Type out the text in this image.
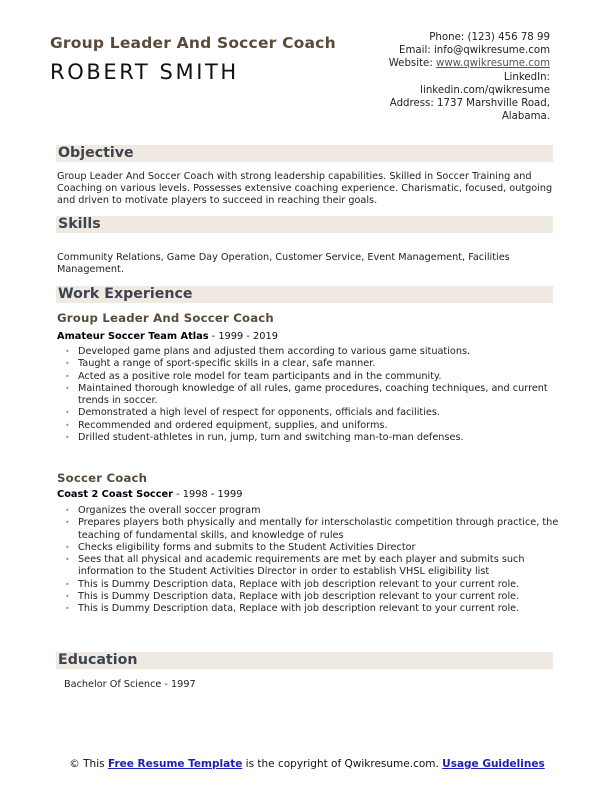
Group Leader And Soccer Coach
ROBERT SMITH
Phone: (123) 456 78 99
Email: info@qwikresume.com
Website: www.qwikresume.com
LinkedIn:
linkedin.com/qwikresume
Address: 1737 Marshville Road,
Alabama.
Objective
Group Leader And Soccer Coach with strong leadership capabilities. Skilled in Soccer Training and Coaching on various levels. Possesses extensive coaching experience. Charismatic, focused, outgoing and driven to motivate players to succeed in reaching their goals.
Skills
Community Relations, Game Day Operation, Customer Service, Event Management, Facilities Management.
Work Experience
Group Leader And Soccer Coach
Amateur Soccer Team Atlas - 1999 - 2019
• Developed game plans and adjusted them according to various game situations.
• Taught a range of sport-specific skills in a clear, safe manner.
• Acted as a positive role model for team participants and in the community.
• Maintained thorough knowledge of all rules, game procedures, coaching techniques, and current trends in soccer.
• Demonstrated a high level of respect for opponents, officials and facilities.
• Recommended and ordered equipment, supplies, and uniforms.
• Drilled student-athletes in run, jump, turn and switching man-to-man defenses.
Soccer Coach
Coast 2 Coast Soccer - 1998 - 1999
• Organizes the overall soccer program
• Prepares players both physically and mentally for interscholastic competition through practice, the teaching of fundamental skills, and knowledge of rules
• Checks eligibility forms and submits to the Student Activities Director
• Sees that all physical and academic requirements are met by each player and submits such information to the Student Activities Director in order to establish VHSL eligibility list
• This is Dummy Description data, Replace with job description relevant to your current role.
• This is Dummy Description data, Replace with job description relevant to your current role.
• This is Dummy Description data, Replace with job description relevant to your current role.
Education
Bachelor Of Science - 1997
© This Free Resume Template is the copyright of Qwikresume.com. Usage Guidelines
